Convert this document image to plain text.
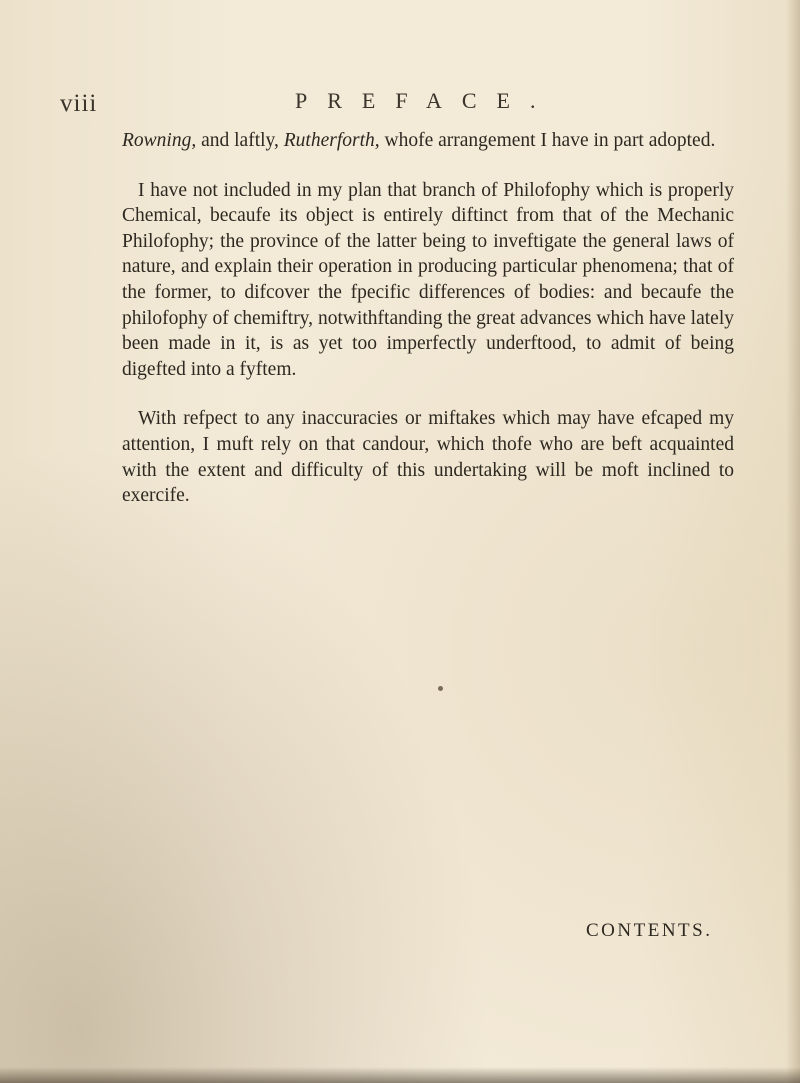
viii	PREFACE.

Rowning, and laftly, Rutherforth, whofe arrangement I have in part adopted.

I have not included in my plan that branch of Philofophy which is properly Chemical, becaufe its object is entirely diftinct from that of the Mechanic Philofophy; the province of the latter being to inveftigate the general laws of nature, and explain their operation in producing particular phenomena; that of the former, to difcover the fpecific differences of bodies: and becaufe the philofophy of chemiftry, notwithftanding the great advances which have lately been made in it, is as yet too imperfectly underftood, to admit of being digefted into a fyftem.

With refpect to any inaccuracies or miftakes which may have efcaped my attention, I muft rely on that candour, which thofe who are beft acquainted with the extent and difficulty of this undertaking will be moft inclined to exercife.

CONTENTS.
